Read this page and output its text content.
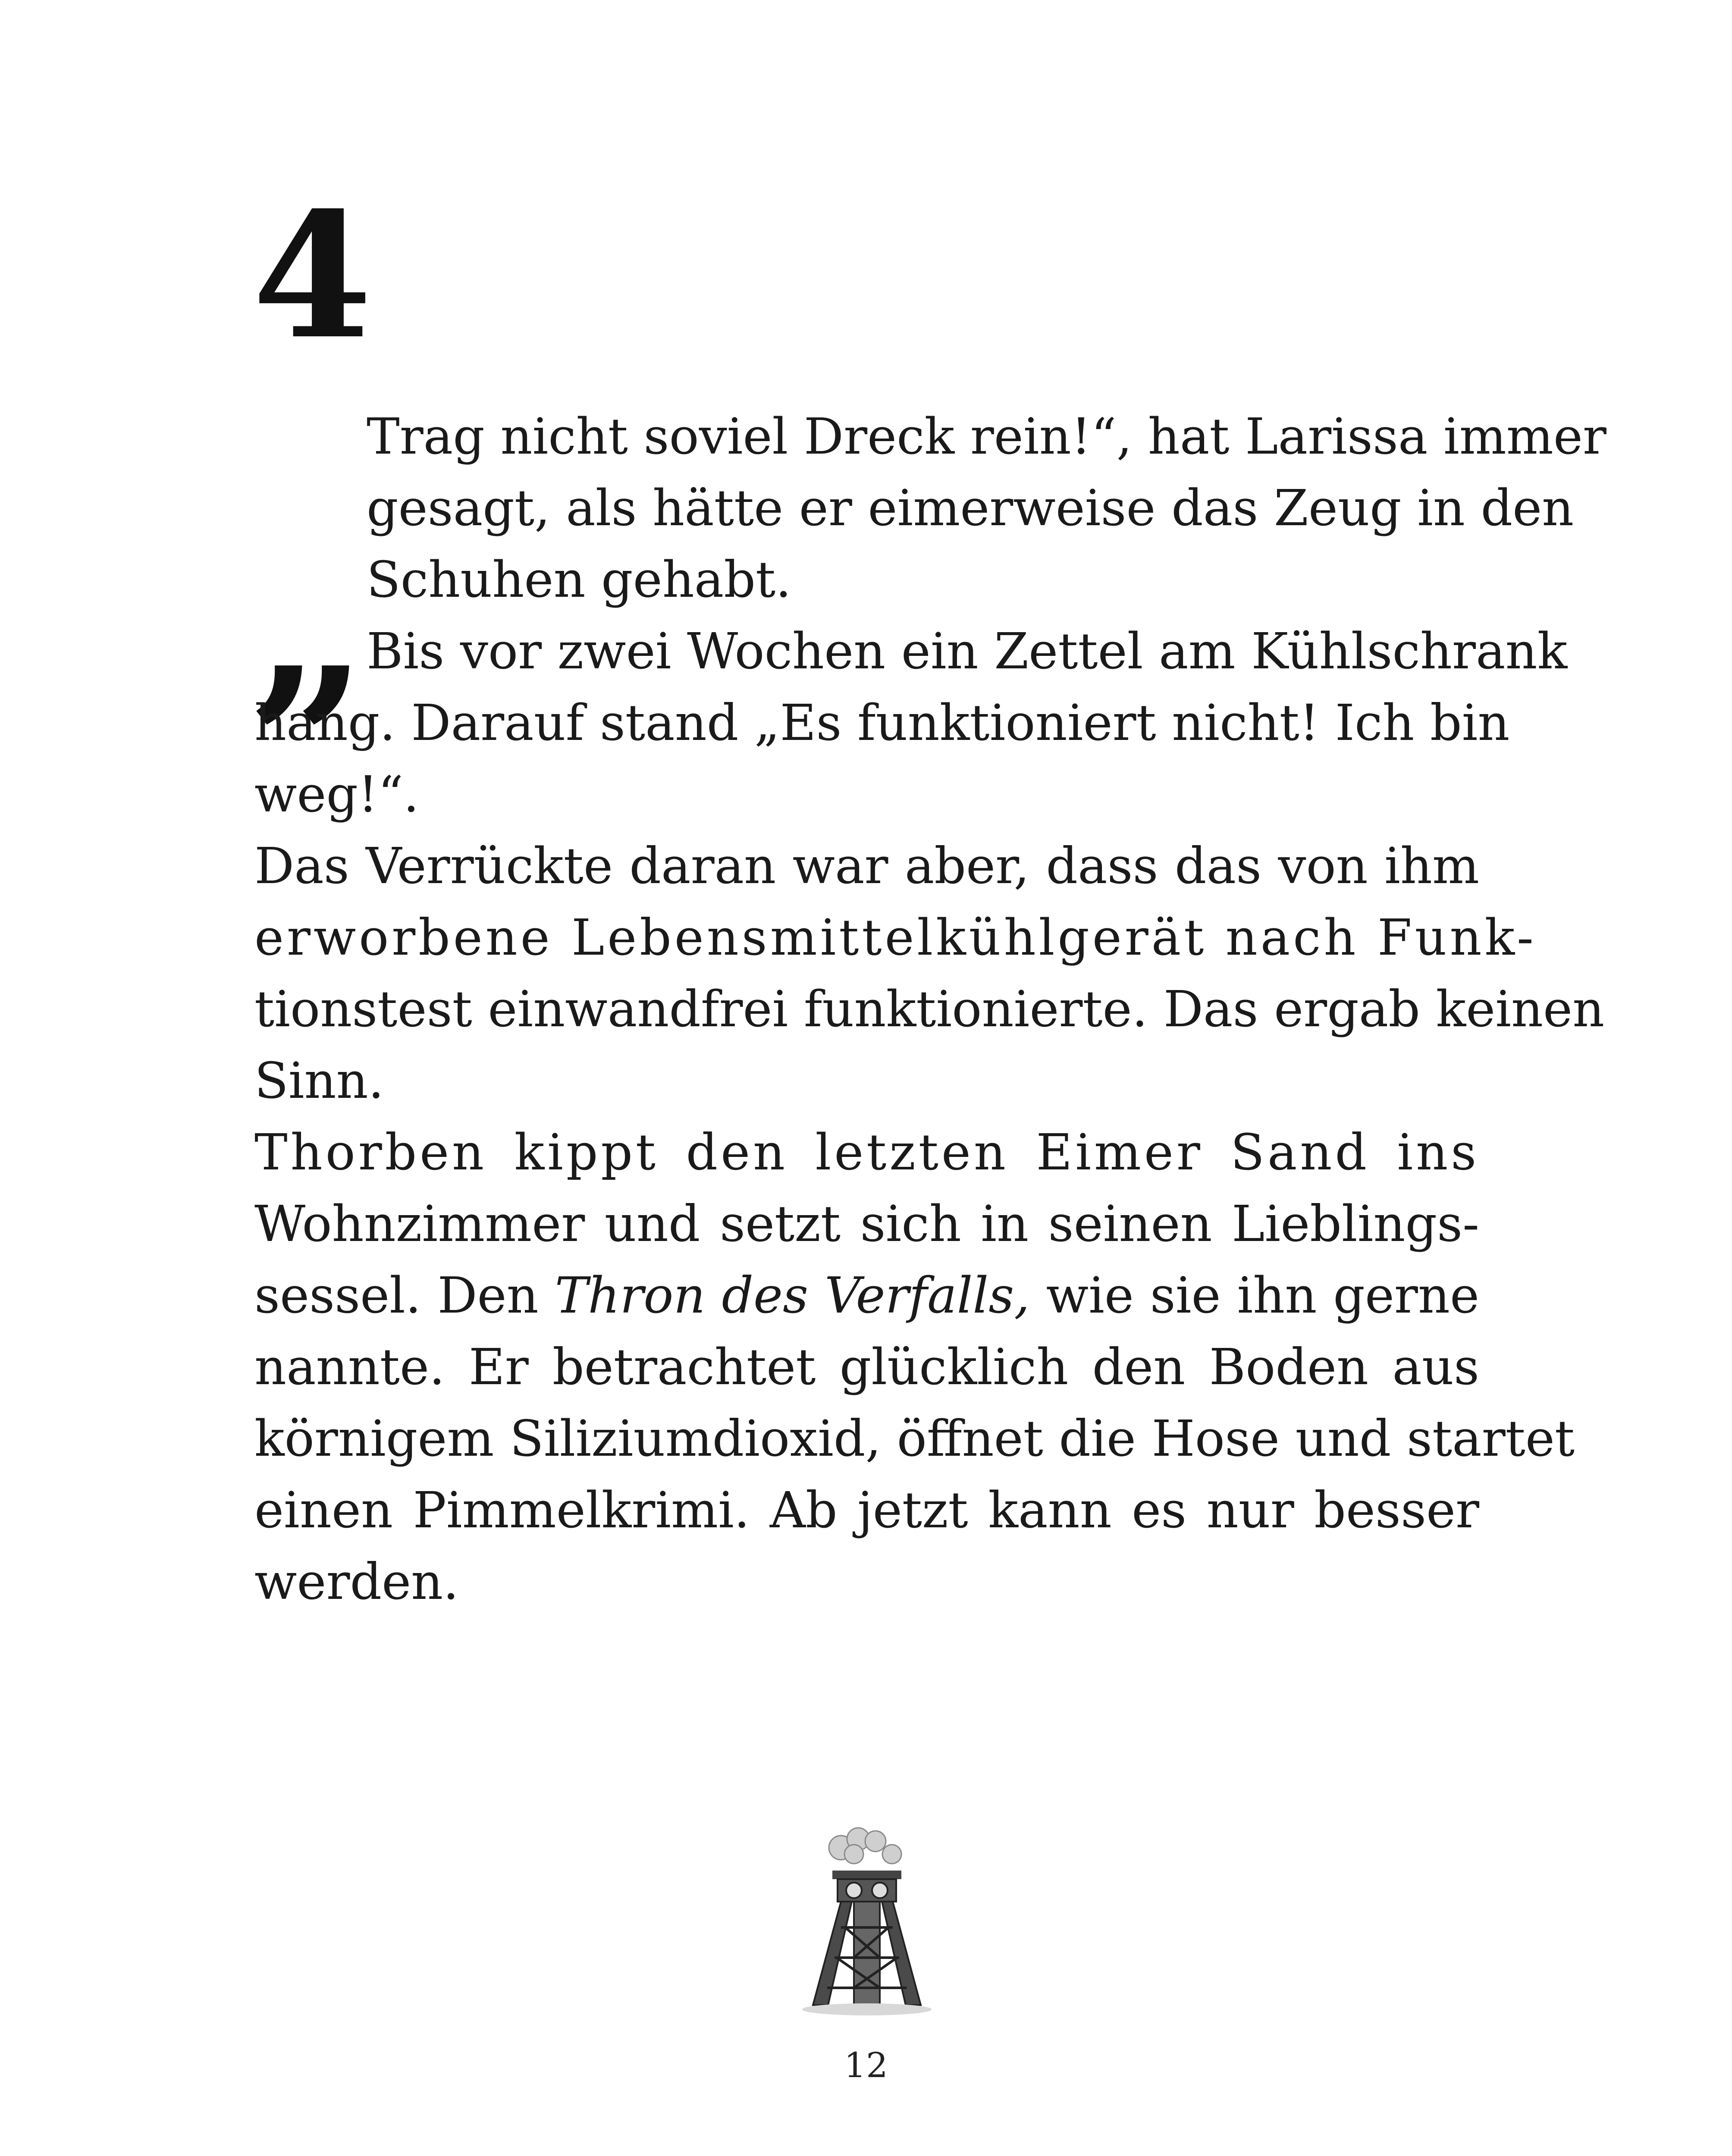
4
„

Trag nicht soviel Dreck rein!“, hat Larissa immer

gesagt, als hätte er eimerweise das Zeug in den

Schuhen gehabt.

Bis vor zwei Wochen ein Zettel am Kühlschrank

hang. Darauf stand „Es funktioniert nicht! Ich bin

weg!“.

Das Verrückte daran war aber, dass das von ihm

erworbene Lebensmittelkühlgerät nach Funk-

tionstest einwandfrei funktionierte. Das ergab keinen

Sinn.

Thorben kippt den letzten Eimer Sand ins

Wohnzimmer und setzt sich in seinen Lieblings-

sessel. Den Thron des Verfalls, wie sie ihn gerne

nannte. Er betrachtet glücklich den Boden aus

körnigem Siliziumdioxid, öffnet die Hose und startet

einen Pimmelkrimi. Ab jetzt kann es nur besser

werden.

12
